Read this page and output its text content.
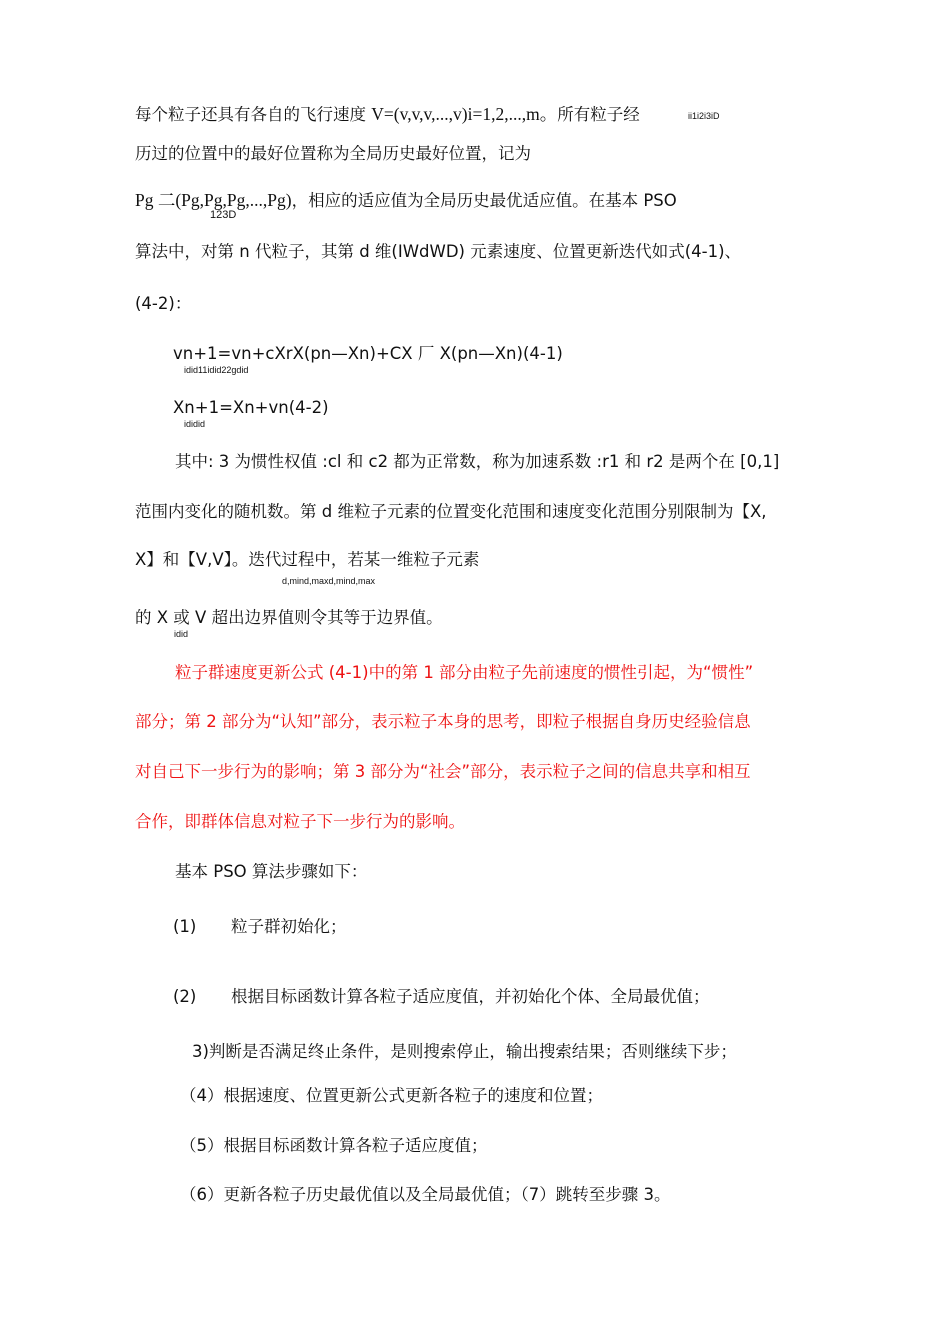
每个粒子还具有各自的飞行速度 V=(v,v,v,...,v)i=1,2,...,m。所有粒子经	ii1i2i3iD
历过的位置中的最好位置称为全局历史最好位置，记为
Pg 二(Pg,Pg,Pg,...,Pg)，相应的适应值为全局历史最优适应值。在基本 PSO
123D
算法中，对第 n 代粒子，其第 d 维(IWdWD) 元素速度、位置更新迭代如式(4-1)、
(4-2)：
vn+1=vn+cXrX(pn—Xn)+CX 厂 X(pn—Xn)(4-1)
idid11idid22gdid
Xn+1=Xn+vn(4-2)
ididid
其中: 3 为惯性权值 :cl 和 c2 都为正常数，称为加速系数 :r1 和 r2 是两个在 [0,1]
范围内变化的随机数。第 d 维粒子元素的位置变化范围和速度变化范围分别限制为【X,
X】和【V,V】。迭代过程中，若某一维粒子元素
d,mind,maxd,mind,max
的 X 或 V 超出边界值则令其等于边界值。
idid
粒子群速度更新公式 (4-1)中的第 1 部分由粒子先前速度的惯性引起，为“惯性”
部分；第 2 部分为“认知”部分，表示粒子本身的思考，即粒子根据自身历史经验信息
对自己下一步行为的影响；第 3 部分为“社会”部分，表示粒子之间的信息共享和相互
合作，即群体信息对粒子下一步行为的影响。
基本 PSO 算法步骤如下：
(1) 粒子群初始化；
(2) 根据目标函数计算各粒子适应度值，并初始化个体、全局最优值；
3)判断是否满足终止条件，是则搜索停止，输出搜索结果；否则继续下步；
（4）根据速度、位置更新公式更新各粒子的速度和位置；
（5）根据目标函数计算各粒子适应度值；
（6）更新各粒子历史最优值以及全局最优值；（7）跳转至步骤 3。
